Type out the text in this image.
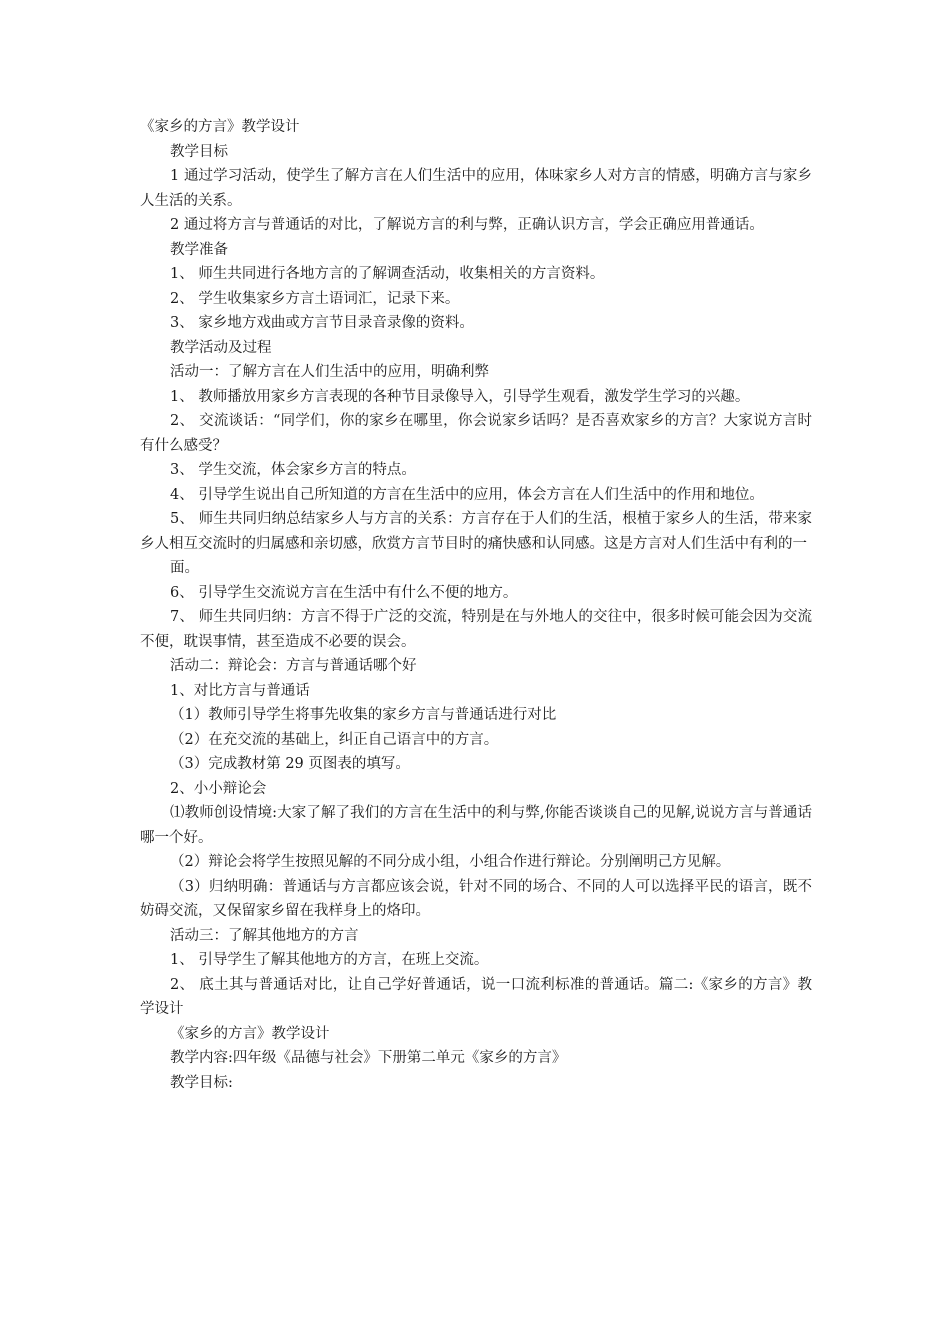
《家乡的方言》教学设计
教学目标

1 通过学习活动，使学生了解方言在人们生活中的应用，体味家乡人对方言的情感，明确方言与家乡人生活的关系。

2 通过将方言与普通话的对比，了解说方言的利与弊，正确认识方言，学会正确应用普通话。

教学准备
1、 师生共同进行各地方言的了解调查活动，收集相关的方言资料。
2、 学生收集家乡方言土语词汇，记录下来。
3、 家乡地方戏曲或方言节目录音录像的资料。
教学活动及过程
活动一：了解方言在人们生活中的应用，明确利弊

1、 教师播放用家乡方言表现的各种节目录像导入，引导学生观看，激发学生学习的兴趣。

2、 交流谈话：“同学们，你的家乡在哪里，你会说家乡话吗？是否喜欢家乡的方言？大家说方言时有什么感受？

3、 学生交流，体会家乡方言的特点。

4、 引导学生说出自己所知道的方言在生活中的应用，体会方言在人们生活中的作用和地位。

5、 师生共同归纳总结家乡人与方言的关系：方言存在于人们的生活，根植于家乡人的生活，带来家乡人相互交流时的归属感和亲切感，欣赏方言节目时的痛快感和认同感。这是方言对人们生活中有利的一

面。
6、 引导学生交流说方言在生活中有什么不便的地方。

7、 师生共同归纳：方言不得于广泛的交流，特别是在与外地人的交往中，很多时候可能会因为交流不便，耽误事情，甚至造成不必要的误会。

活动二：辩论会：方言与普通话哪个好
1、对比方言与普通话
（1）教师引导学生将事先收集的家乡方言与普通话进行对比
（2）在充交流的基础上，纠正自己语言中的方言。
（3）完成教材第 29 页图表的填写。
2、小小辩论会

⑴教师创设情境:大家了解了我们的方言在生活中的利与弊,你能否谈谈自己的见解,说说方言与普通话哪一个好。

（2）辩论会将学生按照见解的不同分成小组，小组合作进行辩论。分别阐明己方见解。

（3）归纳明确：普通话与方言都应该会说，针对不同的场合、不同的人可以选择平民的语言，既不妨碍交流，又保留家乡留在我样身上的烙印。

活动三：了解其他地方的方言
1、 引导学生了解其他地方的方言，在班上交流。

2、 底土其与普通话对比，让自己学好普通话，说一口流利标准的普通话。篇二:《家乡的方言》教学设计

《家乡的方言》教学设计
教学内容:四年级《品德与社会》下册第二单元《家乡的方言》
教学目标:
